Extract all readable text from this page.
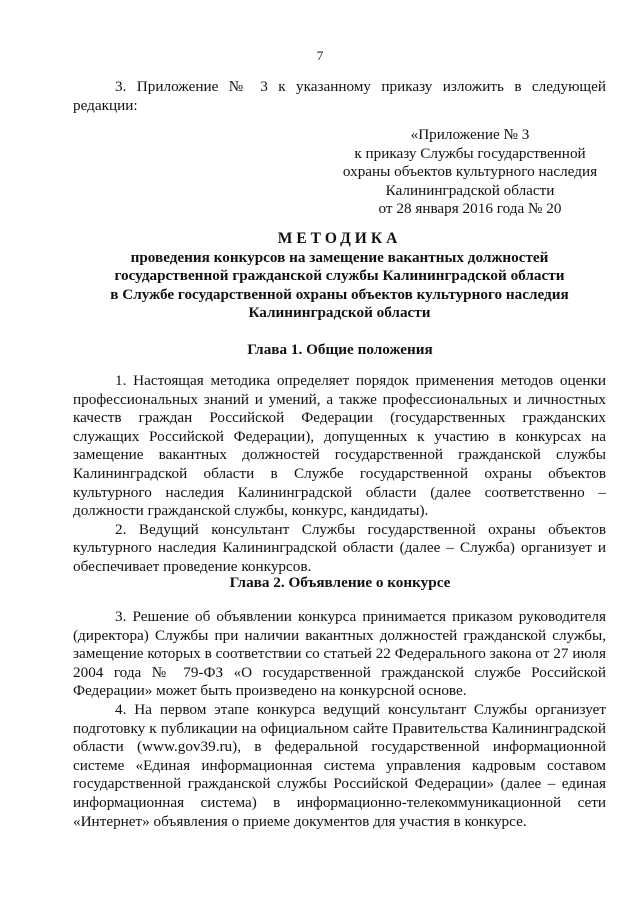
7

3. Приложение № 3 к указанному приказу изложить в следующей редакции:

«Приложение № 3
к приказу Службы государственной
охраны объектов культурного наследия
Калининградской области
от 28 января 2016 года № 20
МЕТОДИКА
проведения конкурсов на замещение вакантных должностей
государственной гражданской службы Калининградской области
в Службе государственной охраны объектов культурного наследия
Калининградской области

Глава 1. Общие положения

1. Настоящая методика определяет порядок применения методов оценки профессиональных знаний и умений, а также профессиональных и личностных качеств граждан Российской Федерации (государственных гражданских служащих Российской Федерации), допущенных к участию в конкурсах на замещение вакантных должностей государственной гражданской службы Калининградской области в Службе государственной охраны объектов культурного наследия Калининградской области (далее соответственно – должности гражданской службы, конкурс, кандидаты).

2. Ведущий консультант Службы государственной охраны объектов культурного наследия Калининградской области (далее – Служба) организует и обеспечивает проведение конкурсов.

Глава 2. Объявление о конкурсе

3. Решение об объявлении конкурса принимается приказом руководителя (директора) Службы при наличии вакантных должностей гражданской службы, замещение которых в соответствии со статьей 22 Федерального закона от 27 июля 2004 года № 79-ФЗ «О государственной гражданской службе Российской Федерации» может быть произведено на конкурсной основе.

4. На первом этапе конкурса ведущий консультант Службы организует подготовку к публикации на официальном сайте Правительства Калининградской области (www.gov39.ru), в федеральной государственной информационной системе «Единая информационная система управления кадровым составом государственной гражданской службы Российской Федерации» (далее – единая информационная система) в информационно-телекоммуникационной сети «Интернет» объявления о приеме документов для участия в конкурсе.
